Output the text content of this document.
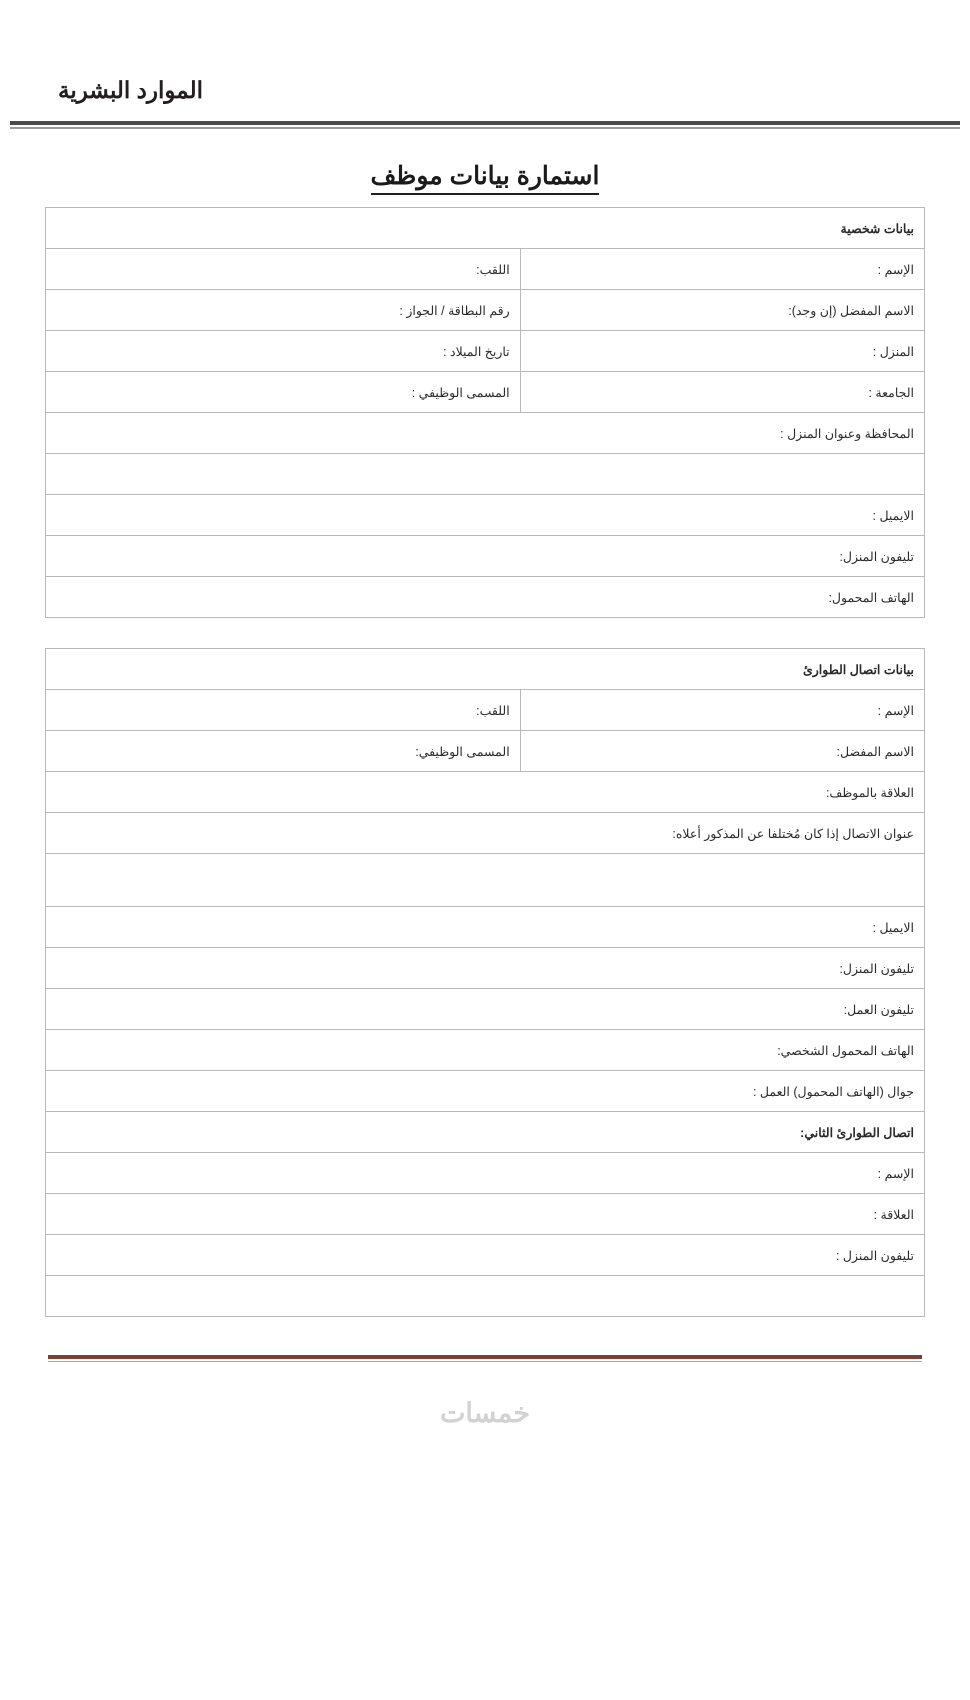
الموارد البشرية
استمارة بيانات موظف
بيانات شخصية	
الإسم :	اللقب:
الاسم المفضل (إن وجد):	رقم البطاقة / الجواز :
المنزل :	تاريخ الميلاد :
الجامعة :	المسمى الوظيفي :
المحافظة وعنوان المنزل :	

الايميل :	
تليفون المنزل:	
الهاتف المحمول:	
بيانات اتصال الطوارئ	
الإسم :	اللقب:
الاسم المفضل:	المسمى الوظيفي:
العلاقة بالموظف:	
عنوان الاتصال إذا كان مُختلفا عن المذكور أعلاه:	

الايميل :	
تليفون المنزل:	
تليفون العمل:	
الهاتف المحمول الشخصي:	
جوال (الهاتف المحمول) العمل :	
اتصال الطوارئ الثاني:	
الإسم :	
العلاقة :	
تليفون المنزل :	

خمسات
